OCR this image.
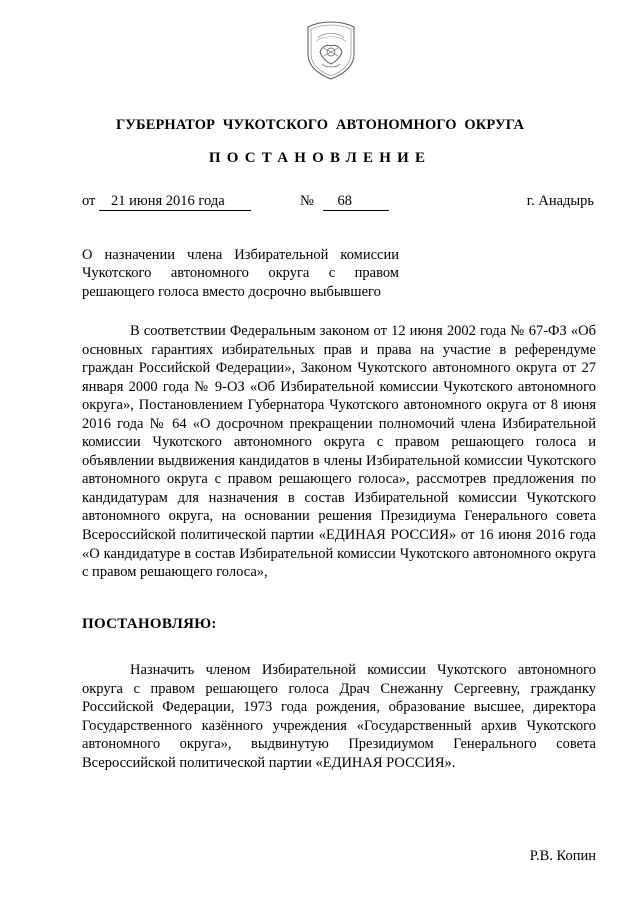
ГУБЕРНАТОР ЧУКОТСКОГО АВТОНОМНОГО ОКРУГА
ПОСТАНОВЛЕНИЕ
от 21 июня 2016 года	№ 68	г. Анадырь
О назначении члена Избирательной комиссии Чукотского автономного округа с правом решающего голоса вместо досрочно выбывшего

В соответствии Федеральным законом от 12 июня 2002 года № 67-ФЗ «Об основных гарантиях избирательных прав и права на участие в референдуме граждан Российской Федерации», Законом Чукотского автономного округа от 27 января 2000 года № 9-ОЗ «Об Избирательной комиссии Чукотского автономного округа», Постановлением Губернатора Чукотского автономного округа от 8 июня 2016 года № 64 «О досрочном прекращении полномочий члена Избирательной комиссии Чукотского автономного округа с правом решающего голоса и объявлении выдвижения кандидатов в члены Избирательной комиссии Чукотского автономного округа с правом решающего голоса», рассмотрев предложения по кандидатурам для назначения в состав Избирательной комиссии Чукотского автономного округа, на основании решения Президиума Генерального совета Всероссийской политической партии «ЕДИНАЯ РОССИЯ» от 16 июня 2016 года «О кандидатуре в состав Избирательной комиссии Чукотского автономного округа с правом решающего голоса»,

ПОСТАНОВЛЯЮ:

Назначить членом Избирательной комиссии Чукотского автономного округа с правом решающего голоса Драч Снежанну Сергеевну, гражданку Российской Федерации, 1973 года рождения, образование высшее, директора Государственного казённого учреждения «Государственный архив Чукотского автономного округа», выдвинутую Президиумом Генерального совета Всероссийской политической партии «ЕДИНАЯ РОССИЯ».

Р.В. Копин
